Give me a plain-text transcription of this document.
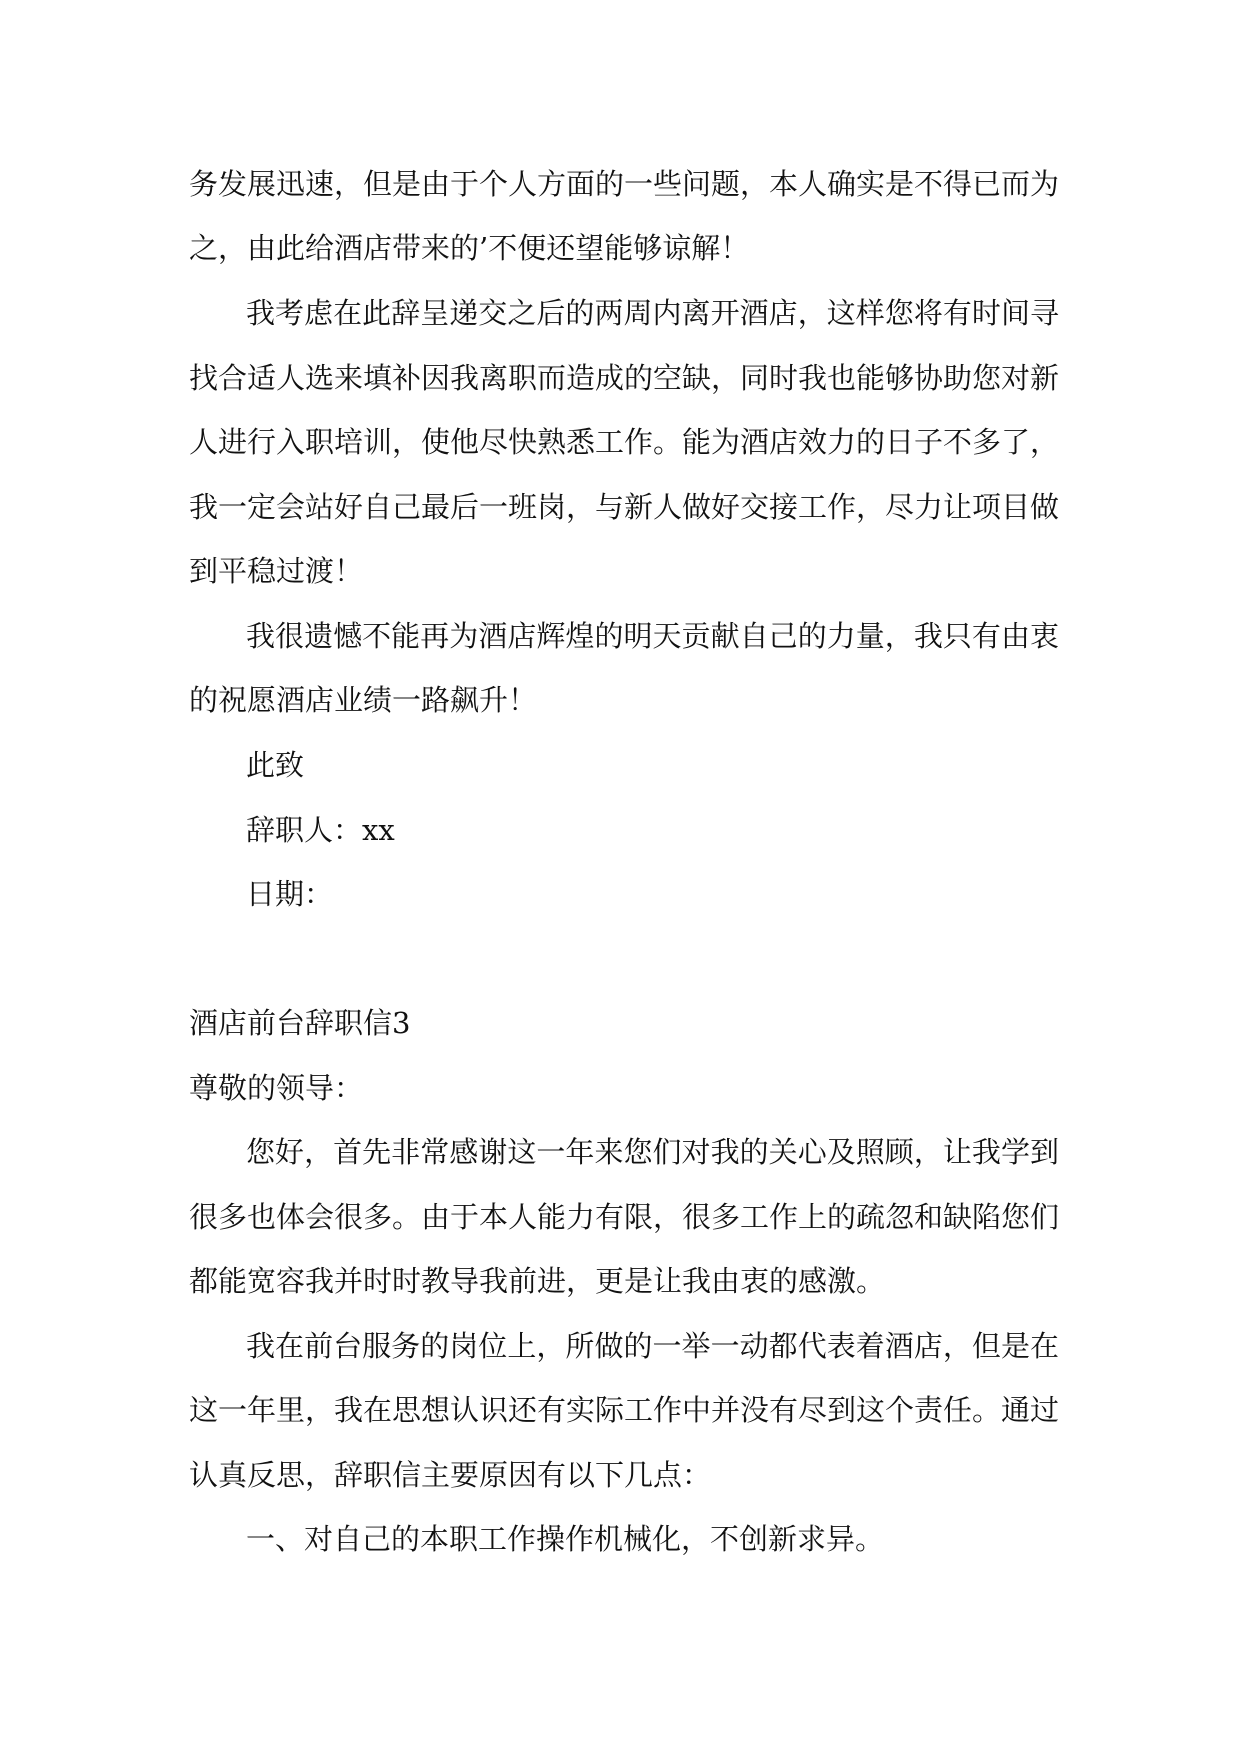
务发展迅速，但是由于个人方面的一些问题，本人确实是不得已而为
之，由此给酒店带来的’不便还望能够谅解！
我考虑在此辞呈递交之后的两周内离开酒店，这样您将有时间寻
找合适人选来填补因我离职而造成的空缺，同时我也能够协助您对新
人进行入职培训，使他尽快熟悉工作。能为酒店效力的日子不多了，
我一定会站好自己最后一班岗，与新人做好交接工作，尽力让项目做
到平稳过渡！
我很遗憾不能再为酒店辉煌的明天贡献自己的力量，我只有由衷
的祝愿酒店业绩一路飙升！
此致
辞职人：xx
日期：
酒店前台辞职信3
尊敬的领导：
您好，首先非常感谢这一年来您们对我的关心及照顾，让我学到
很多也体会很多。由于本人能力有限，很多工作上的疏忽和缺陷您们
都能宽容我并时时教导我前进，更是让我由衷的感激。
我在前台服务的岗位上，所做的一举一动都代表着酒店，但是在
这一年里，我在思想认识还有实际工作中并没有尽到这个责任。通过
认真反思，辞职信主要原因有以下几点：
一、对自己的本职工作操作机械化，不创新求异。
